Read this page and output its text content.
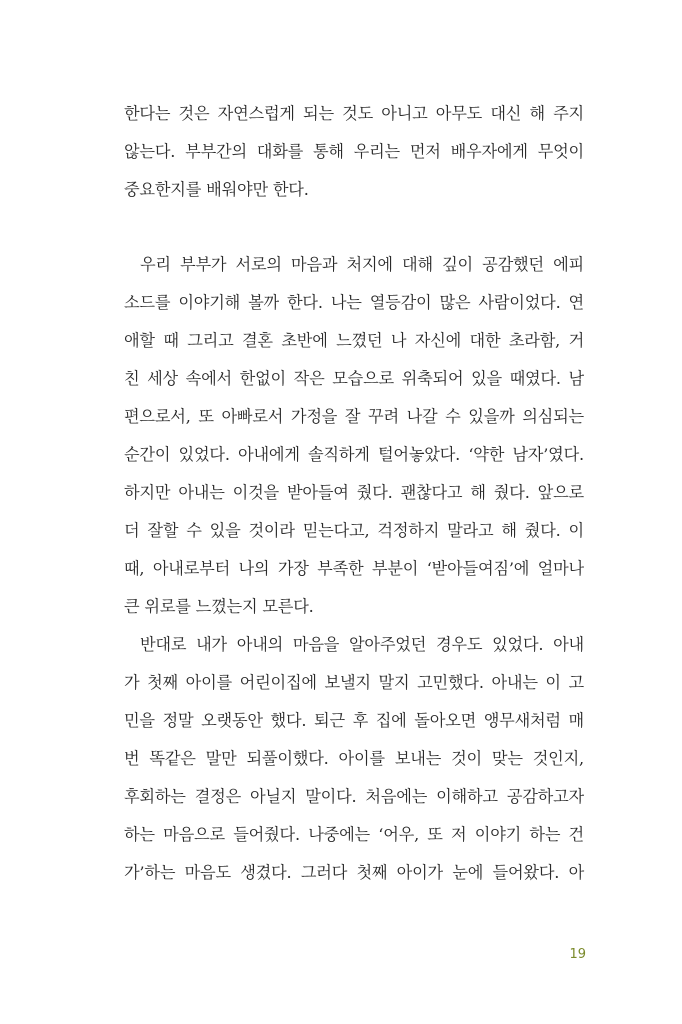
한다는 것은 자연스럽게 되는 것도 아니고 아무도 대신 해 주지
않는다. 부부간의 대화를 통해 우리는 먼저 배우자에게 무엇이
중요한지를 배워야만 한다.
우리 부부가 서로의 마음과 처지에 대해 깊이 공감했던 에피
소드를 이야기해 볼까 한다. 나는 열등감이 많은 사람이었다. 연
애할 때 그리고 결혼 초반에 느꼈던 나 자신에 대한 초라함, 거
친 세상 속에서 한없이 작은 모습으로 위축되어 있을 때였다. 남
편으로서, 또 아빠로서 가정을 잘 꾸려 나갈 수 있을까 의심되는
순간이 있었다. 아내에게 솔직하게 털어놓았다. ‘약한 남자’였다.
하지만 아내는 이것을 받아들여 줬다. 괜찮다고 해 줬다. 앞으로
더 잘할 수 있을 것이라 믿는다고, 걱정하지 말라고 해 줬다. 이
때, 아내로부터 나의 가장 부족한 부분이 ‘받아들여짐’에 얼마나
큰 위로를 느꼈는지 모른다.
반대로 내가 아내의 마음을 알아주었던 경우도 있었다. 아내
가 첫째 아이를 어린이집에 보낼지 말지 고민했다. 아내는 이 고
민을 정말 오랫동안 했다. 퇴근 후 집에 돌아오면 앵무새처럼 매
번 똑같은 말만 되풀이했다. 아이를 보내는 것이 맞는 것인지,
후회하는 결정은 아닐지 말이다. 처음에는 이해하고 공감하고자
하는 마음으로 들어줬다. 나중에는 ‘어우, 또 저 이야기 하는 건
가’하는 마음도 생겼다. 그러다 첫째 아이가 눈에 들어왔다. 아
19
